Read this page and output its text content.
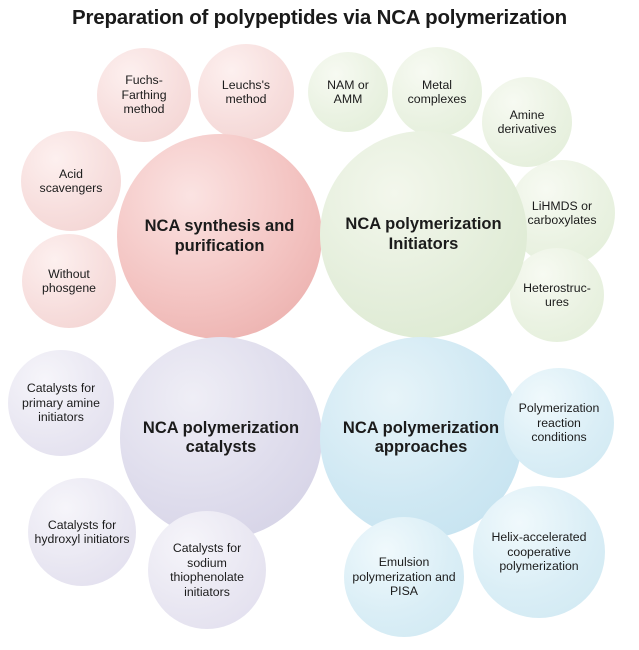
Preparation of polypeptides via NCA polymerization
Fuchs-Farthing method
Leuchs's method
Acid scavengers
Without phosgene
NAM or AMM
Metal complexes
Amine derivatives
LiHMDS or carboxylates
Heterostruc- ures
NCA synthesis and purification
NCA polymerization Initiators
NCA polymerization catalysts
NCA polymerization approaches
Catalysts for primary amine initiators
Catalysts for hydroxyl initiators
Catalysts for sodium thiophenolate initiators
Polymerization reaction conditions
Helix-accelerated cooperative polymerization
Emulsion polymerization and PISA
